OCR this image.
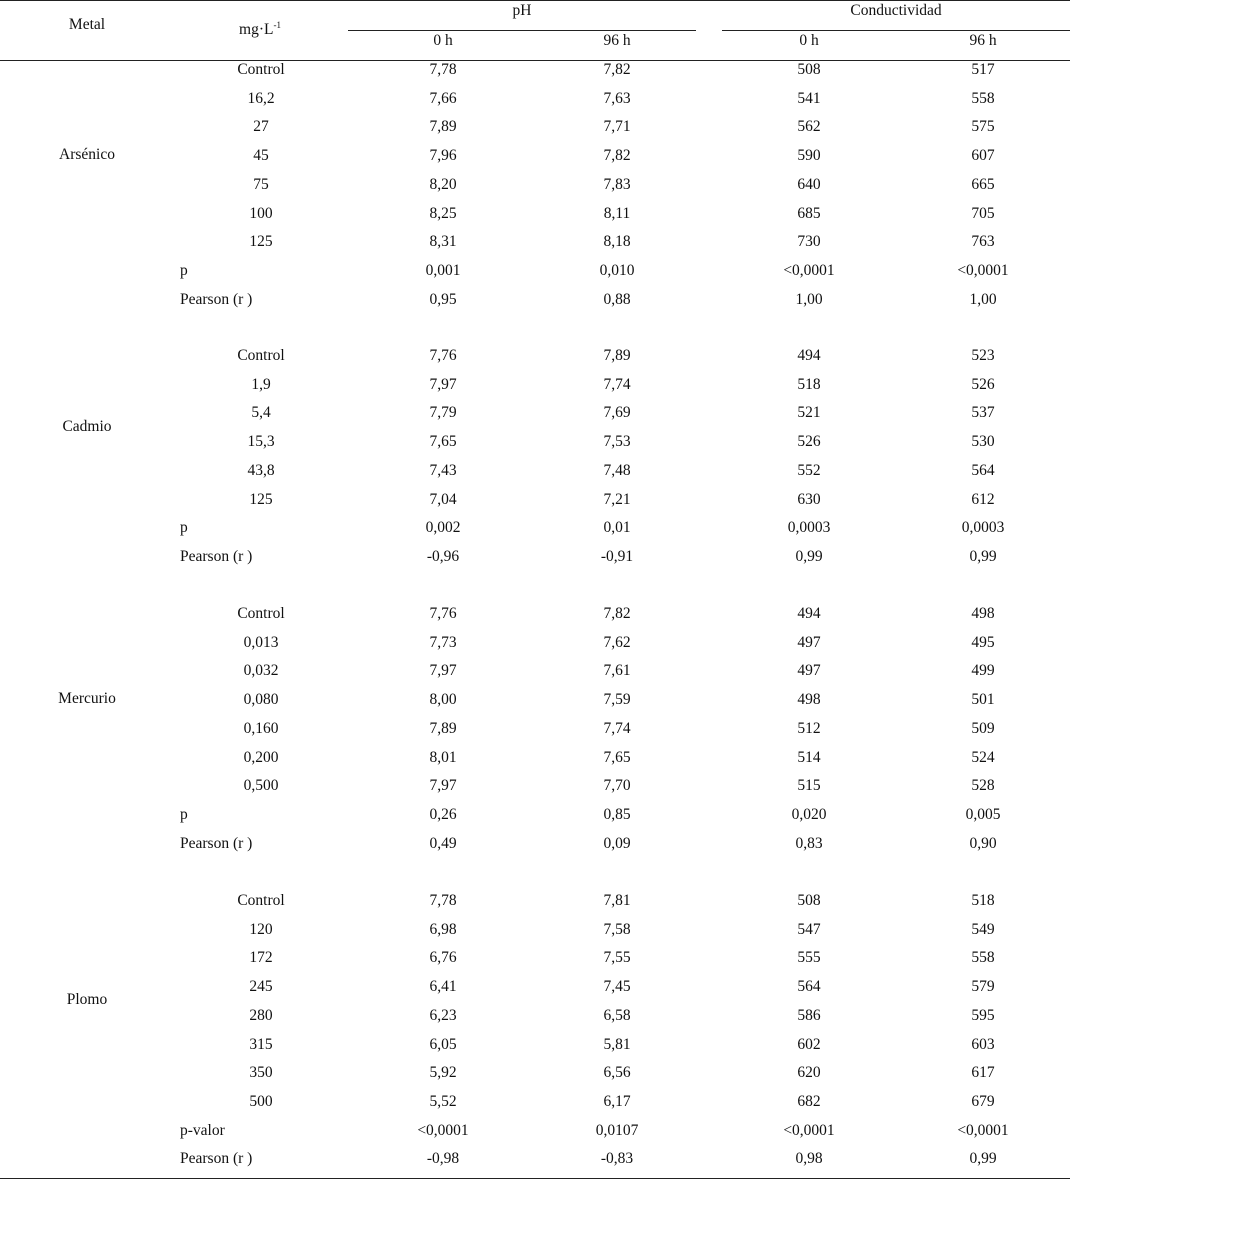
Metal	$mg\cdot L^{-1}$
pH	Conductividad
0 h	96 h	0 h	96 h
Arsénico
Control	7,78	7,82	508	517
16,2	7,66	7,63	541	558
27	7,89	7,71	562	575
45	7,96	7,82	590	607
75	8,20	7,83	640	665
100	8,25	8,11	685	705
125	8,31	8,18	730	763
p	0,001	0,010	<0,0001	<0,0001
Pearson (r )	0,95	0,88	1,00	1,00
Cadmio
Control	7,76	7,89	494	523
1,9	7,97	7,74	518	526
5,4	7,79	7,69	521	537
15,3	7,65	7,53	526	530
43,8	7,43	7,48	552	564
125	7,04	7,21	630	612
p	0,002	0,01	0,0003	0,0003
Pearson (r )	-0,96	-0,91	0,99	0,99
Mercurio
Control	7,76	7,82	494	498
0,013	7,73	7,62	497	495
0,032	7,97	7,61	497	499
0,080	8,00	7,59	498	501
0,160	7,89	7,74	512	509
0,200	8,01	7,65	514	524
0,500	7,97	7,70	515	528
p	0,26	0,85	0,020	0,005
Pearson (r )	0,49	0,09	0,83	0,90
Plomo
Control	7,78	7,81	508	518
120	6,98	7,58	547	549
172	6,76	7,55	555	558
245	6,41	7,45	564	579
280	6,23	6,58	586	595
315	6,05	5,81	602	603
350	5,92	6,56	620	617
500	5,52	6,17	682	679
p-valor	<0,0001	0,0107	<0,0001	<0,0001
Pearson (r )	-0,98	-0,83	0,98	0,99
